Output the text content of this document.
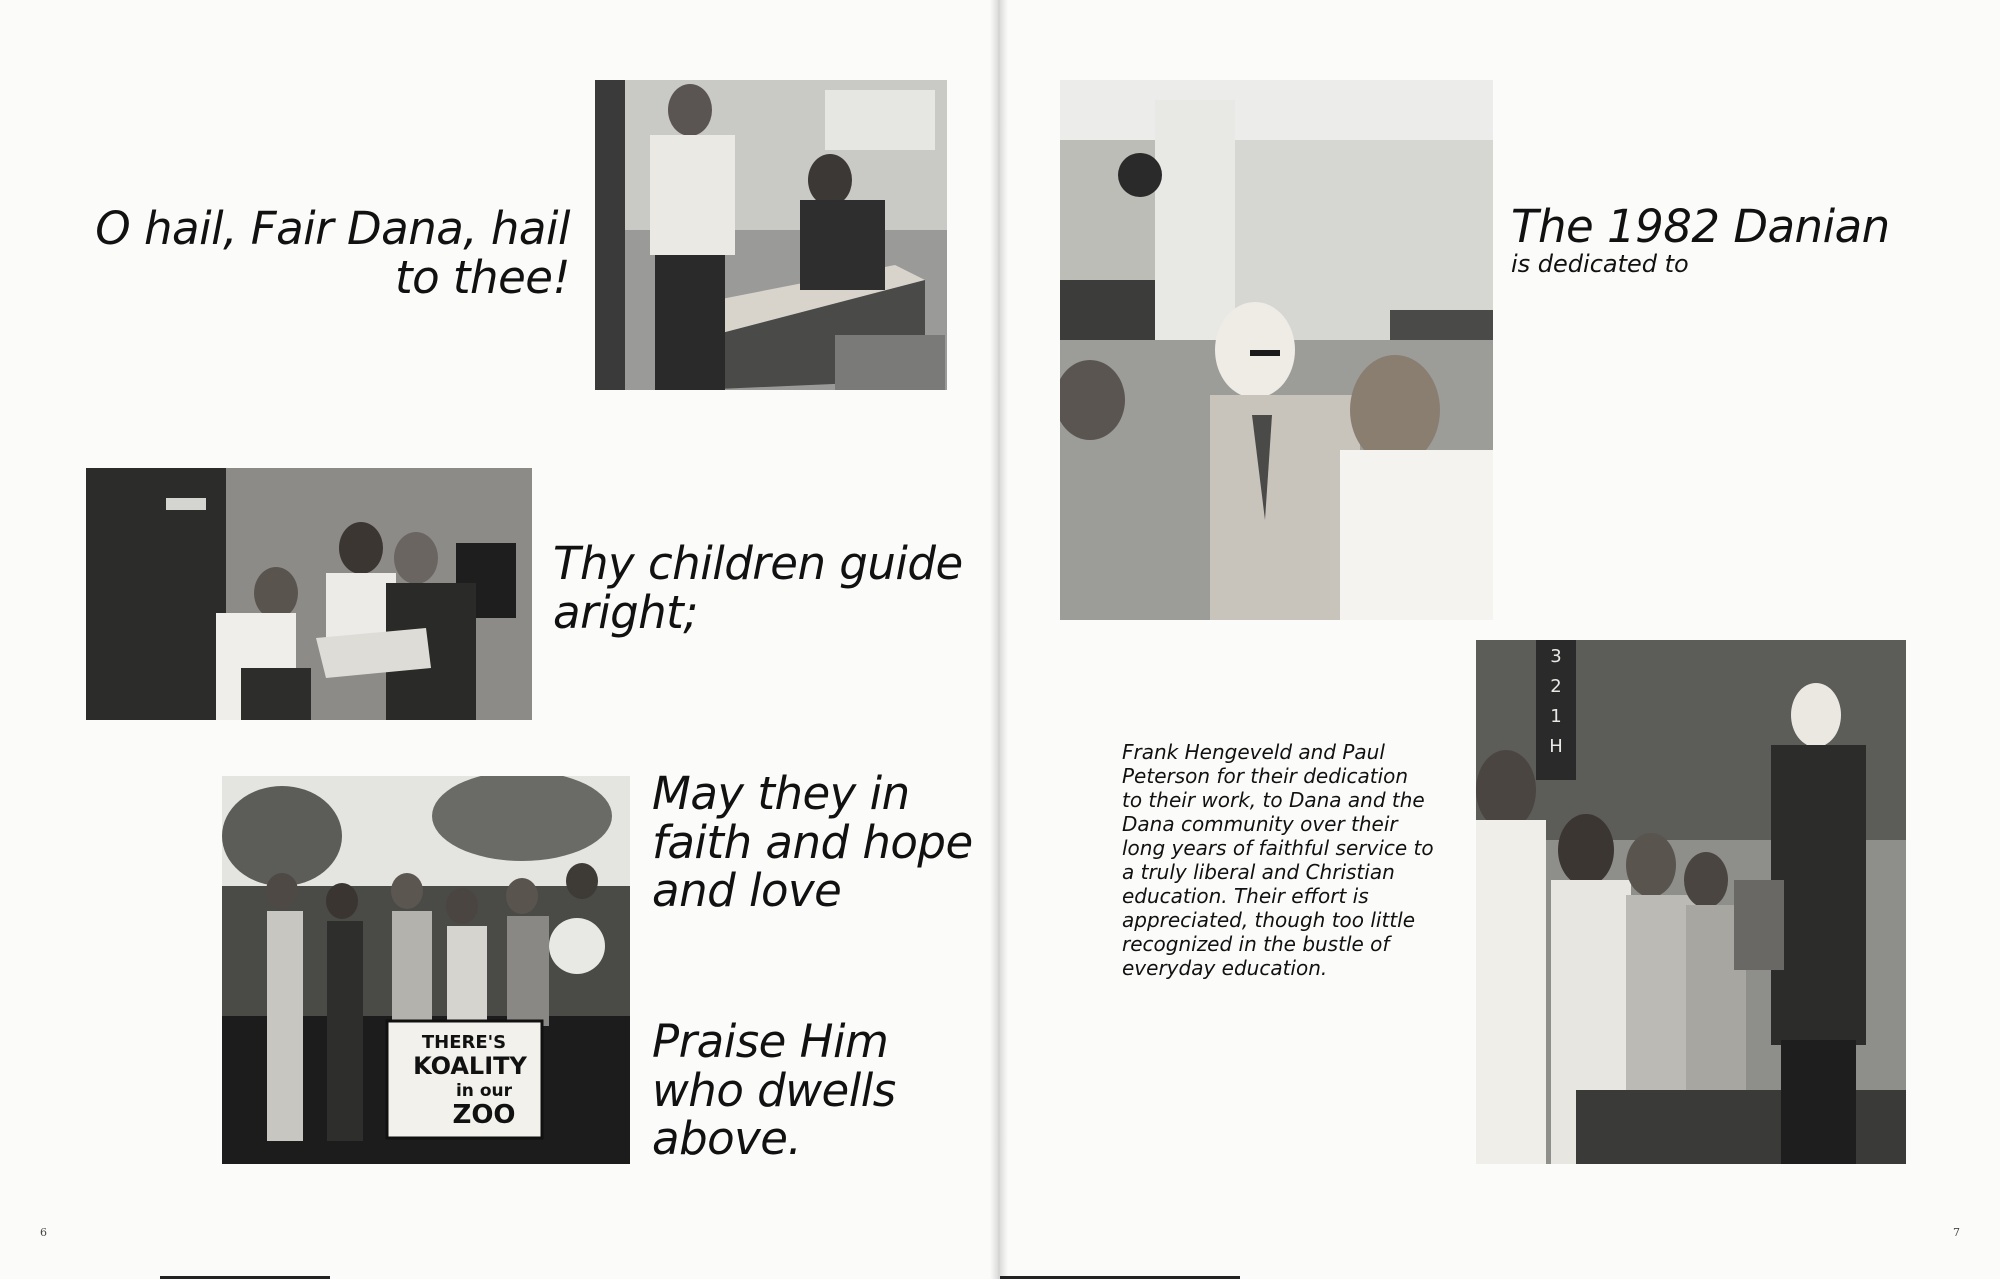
O hail, Fair Dana, hail to thee!

Thy children guide aright;

THERE'S
KOALITY
in our
ZOO

May they in faith and hope and love

Praise Him who dwells above.

6

The 1982 Danian

is dedicated to

Frank Hengeveld and Paul Peterson for their dedication to their work, to Dana and the Dana community over their long years of faithful service to a truly liberal and Christian education. Their effort is appreciated, though too little recognized in the bustle of everyday education.

3
2
1
H
7
